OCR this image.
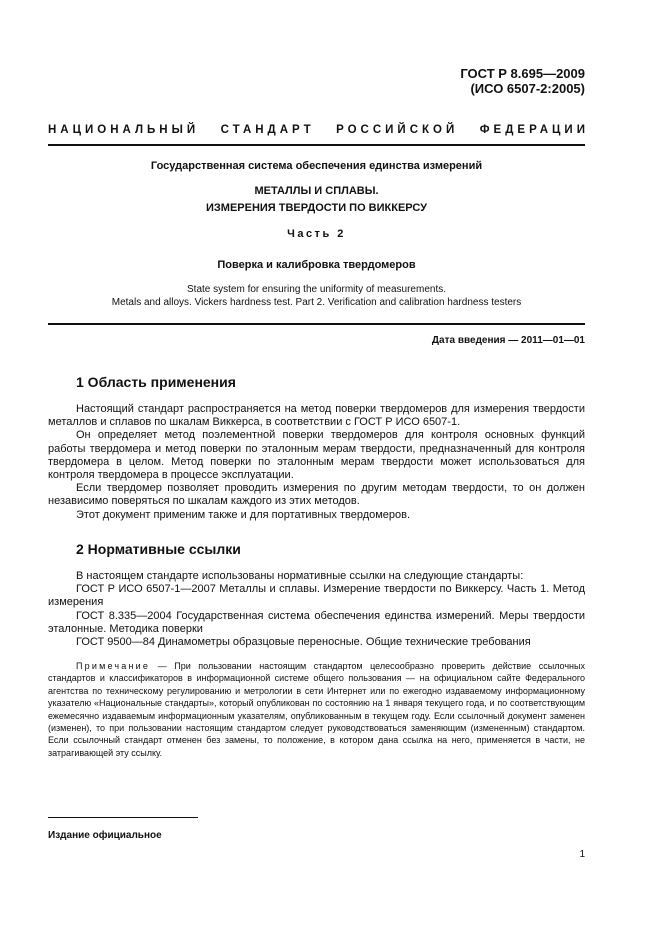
ГОСТ Р 8.695—2009
(ИСО 6507-2:2005)
НАЦИОНАЛЬНЫЙ СТАНДАРТ РОССИЙСКОЙ ФЕДЕРАЦИИ
Государственная система обеспечения единства измерений
МЕТАЛЛЫ И СПЛАВЫ.
ИЗМЕРЕНИЯ ТВЕРДОСТИ ПО ВИККЕРСУ
Часть 2
Поверка и калибровка твердомеров
State system for ensuring the uniformity of measurements.
Metals and alloys. Vickers hardness test. Part 2. Verification and calibration hardness testers
Дата введения — 2011—01—01
1 Область применения

Настоящий стандарт распространяется на метод поверки твердомеров для измерения твердости металлов и сплавов по шкалам Виккерса, в соответствии с ГОСТ Р ИСО 6507-1.

Он определяет метод поэлементной поверки твердомеров для контроля основных функций работы твердомера и метод поверки по эталонным мерам твердости, предназначенный для контроля твердомера в целом. Метод поверки по эталонным мерам твердости может использоваться для контроля твердомера в процессе эксплуатации.

Если твердомер позволяет проводить измерения по другим методам твердости, то он должен независимо поверяться по шкалам каждого из этих методов.

Этот документ применим также и для портативных твердомеров.

2 Нормативные ссылки

В настоящем стандарте использованы нормативные ссылки на следующие стандарты:

ГОСТ Р ИСО 6507-1—2007 Металлы и сплавы. Измерение твердости по Виккерсу. Часть 1. Метод измерения

ГОСТ 8.335—2004 Государственная система обеспечения единства измерений. Меры твердости эталонные. Методика поверки

ГОСТ 9500—84 Динамометры образцовые переносные. Общие технические требования

Примечание — При пользовании настоящим стандартом целесообразно проверить действие ссылочных стандартов и классификаторов в информационной системе общего пользования — на официальном сайте Федерального агентства по техническому регулированию и метрологии в сети Интернет или по ежегодно издаваемому информационному указателю «Национальные стандарты», который опубликован по состоянию на 1 января текущего года, и по соответствующим ежемесячно издаваемым информационным указателям, опубликованным в текущем году. Если ссылочный документ заменен (изменен), то при пользовании настоящим стандартом следует руководствоваться заменяющим (измененным) стандартом. Если ссылочный стандарт отменен без замены, то положение, в котором дана ссылка на него, применяется в части, не затрагивающей эту ссылку.

Издание официальное
1
